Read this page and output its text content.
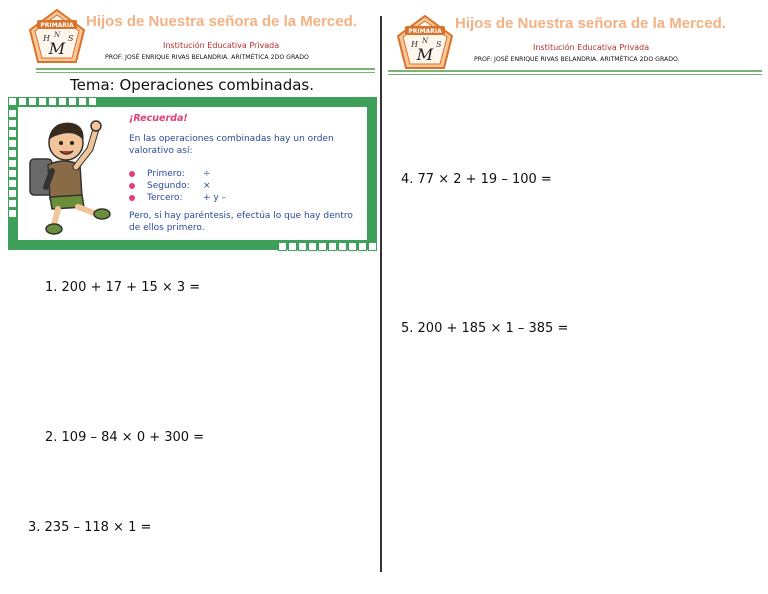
PRIMARIA
H N S
M
Hijos de Nuestra señora de la Merced.
Institución Educativa Privada
PROF: JOSÉ ENRIQUE RIVAS BELANDRIA. ARITMÉTICA 2DO GRADO
PRIMARIA
H N S
M
Hijos de Nuestra señora de la Merced.
Institución Educativa Privada
PROF: JOSÉ ENRIQUE RIVAS BELANDRIA. ARITMÉTICA 2DO GRADO.
Tema: Operaciones combinadas.
¡Recuerda!
En las operaciones combinadas hay un orden
valorativo así:
Primero:	÷
Segundo:	×
Tercero:	+ y –
Pero, si hay paréntesis, efectúa lo que hay dentro
de ellos primero.
1. 200 + 17 + 15 × 3 =
2. 109 – 84 × 0 + 300 =
3. 235 – 118 × 1 =
4. 77 × 2 + 19 – 100 =
5. 200 + 185 × 1 – 385 =
